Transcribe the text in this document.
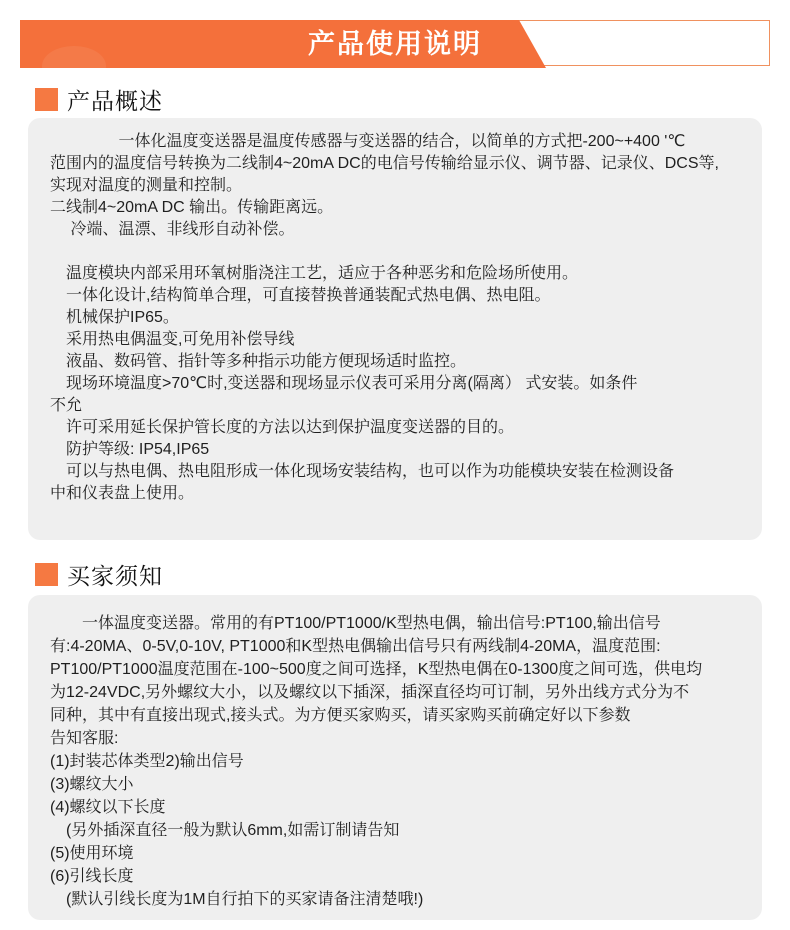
产品使用说明
产品概述
　　　　 一体化温度变送器是温度传感器与变送器的结合，以简单的方式把-200~+400 '℃
范围内的温度信号转换为二线制4~20mA DC的电信号传输给显示仪、调节器、记录仪、DCS等,
实现对温度的测量和控制。
二线制4~20mA DC 输出。传输距离远。
　 冷端、温漂、非线形自动补偿。
　温度模块内部采用环氧树脂浇注工艺，适应于各种恶劣和危险场所使用。
　一体化设计,结构简单合理，可直接替换普通装配式热电偶、热电阻。
　机械保护IP65。
　采用热电偶温变,可免用补偿导线
　液晶、数码管、指针等多种指示功能方便现场适时监控。
　现场环境温度>70℃时,变送器和现场显示仪表可采用分离(隔离） 式安装。如条件
不允
　许可采用延长保护管长度的方法以达到保护温度变送器的目的。
　防护等级: IP54,IP65
　可以与热电偶、热电阻形成一体化现场安装结构，也可以作为功能模块安装在检测设备
中和仪表盘上使用。
买家须知
　　一体温度变送器。常用的有PT100/PT1000/K型热电偶，输出信号:PT100,输出信号
有:4-20MA、0-5V,0-10V, PT1000和K型热电偶输出信号只有两线制4-20MA，温度范围:
PT100/PT1000温度范围在-100~500度之间可选择，K型热电偶在0-1300度之间可选，供电均
为12-24VDC,另外螺纹大小，以及螺纹以下插深，插深直径均可订制，另外出线方式分为不
同种，其中有直接出现式,接头式。为方便买家购买，请买家购买前确定好以下参数
告知客服:
(1)封装芯体类型2)输出信号
(3)螺纹大小
(4)螺纹以下长度
　(另外插深直径一般为默认6mm,如需订制请告知
(5)使用环境
(6)引线长度
　(默认引线长度为1M自行拍下的买家请备注清楚哦!)
